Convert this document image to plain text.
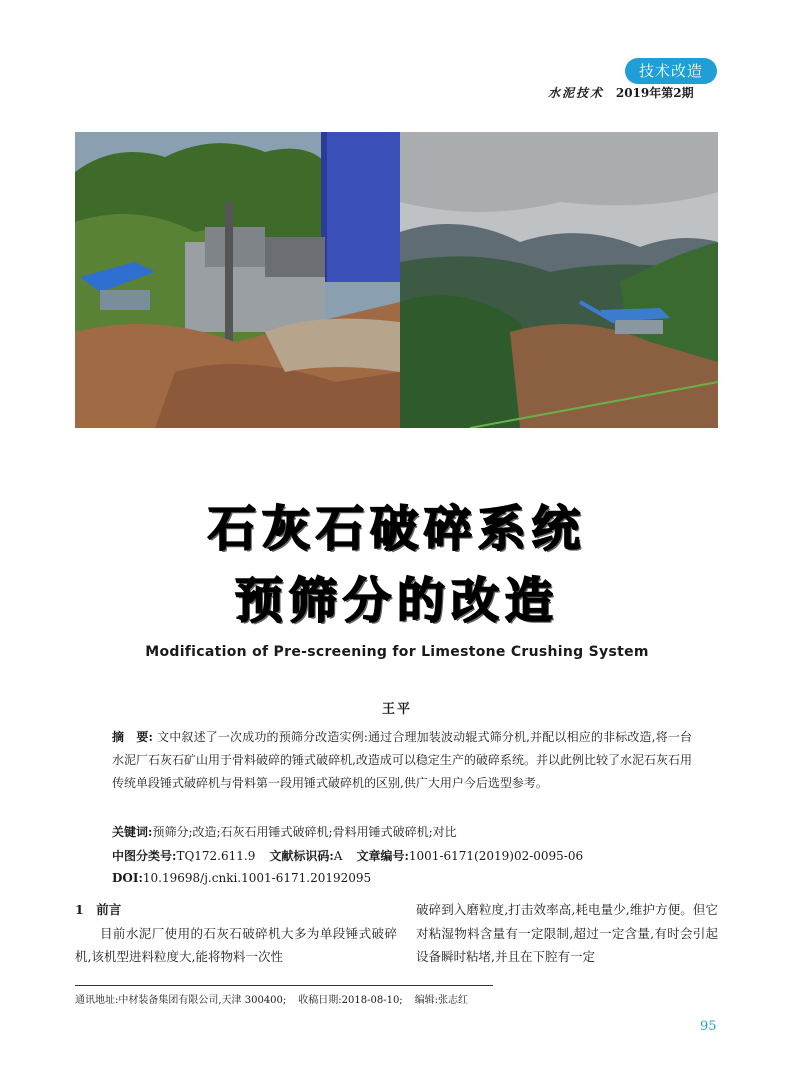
技术改造
水泥技术 2019年第2期
石灰石破碎系统
预筛分的改造
Modification of Pre-screening for Limestone Crushing System
王平
摘　要: 文中叙述了一次成功的预筛分改造实例:通过合理加装波动辊式筛分机,并配以相应的非标改造,将一台水泥厂石灰石矿山用于骨料破碎的锤式破碎机,改造成可以稳定生产的破碎系统。并以此例比较了水泥石灰石用传统单段锤式破碎机与骨料第一段用锤式破碎机的区别,供广大用户今后选型参考。
关键词:预筛分;改造;石灰石用锤式破碎机;骨料用锤式破碎机;对比
中图分类号:TQ172.611.9 文献标识码:A 文章编号:1001-6171(2019)02-0095-06
DOI:10.19698/j.cnki.1001-6171.20192095

1　前言

目前水泥厂使用的石灰石破碎机大多为单段锤式破碎机,该机型进料粒度大,能将物料一次性

破碎到入磨粒度,打击效率高,耗电量少,维护方便。但它对粘湿物料含量有一定限制,超过一定含量,有时会引起设备瞬时粘堵,并且在下腔有一定

通讯地址:中材装备集团有限公司,天津 300400; 收稿日期:2018-08-10; 编辑:张志红
95
